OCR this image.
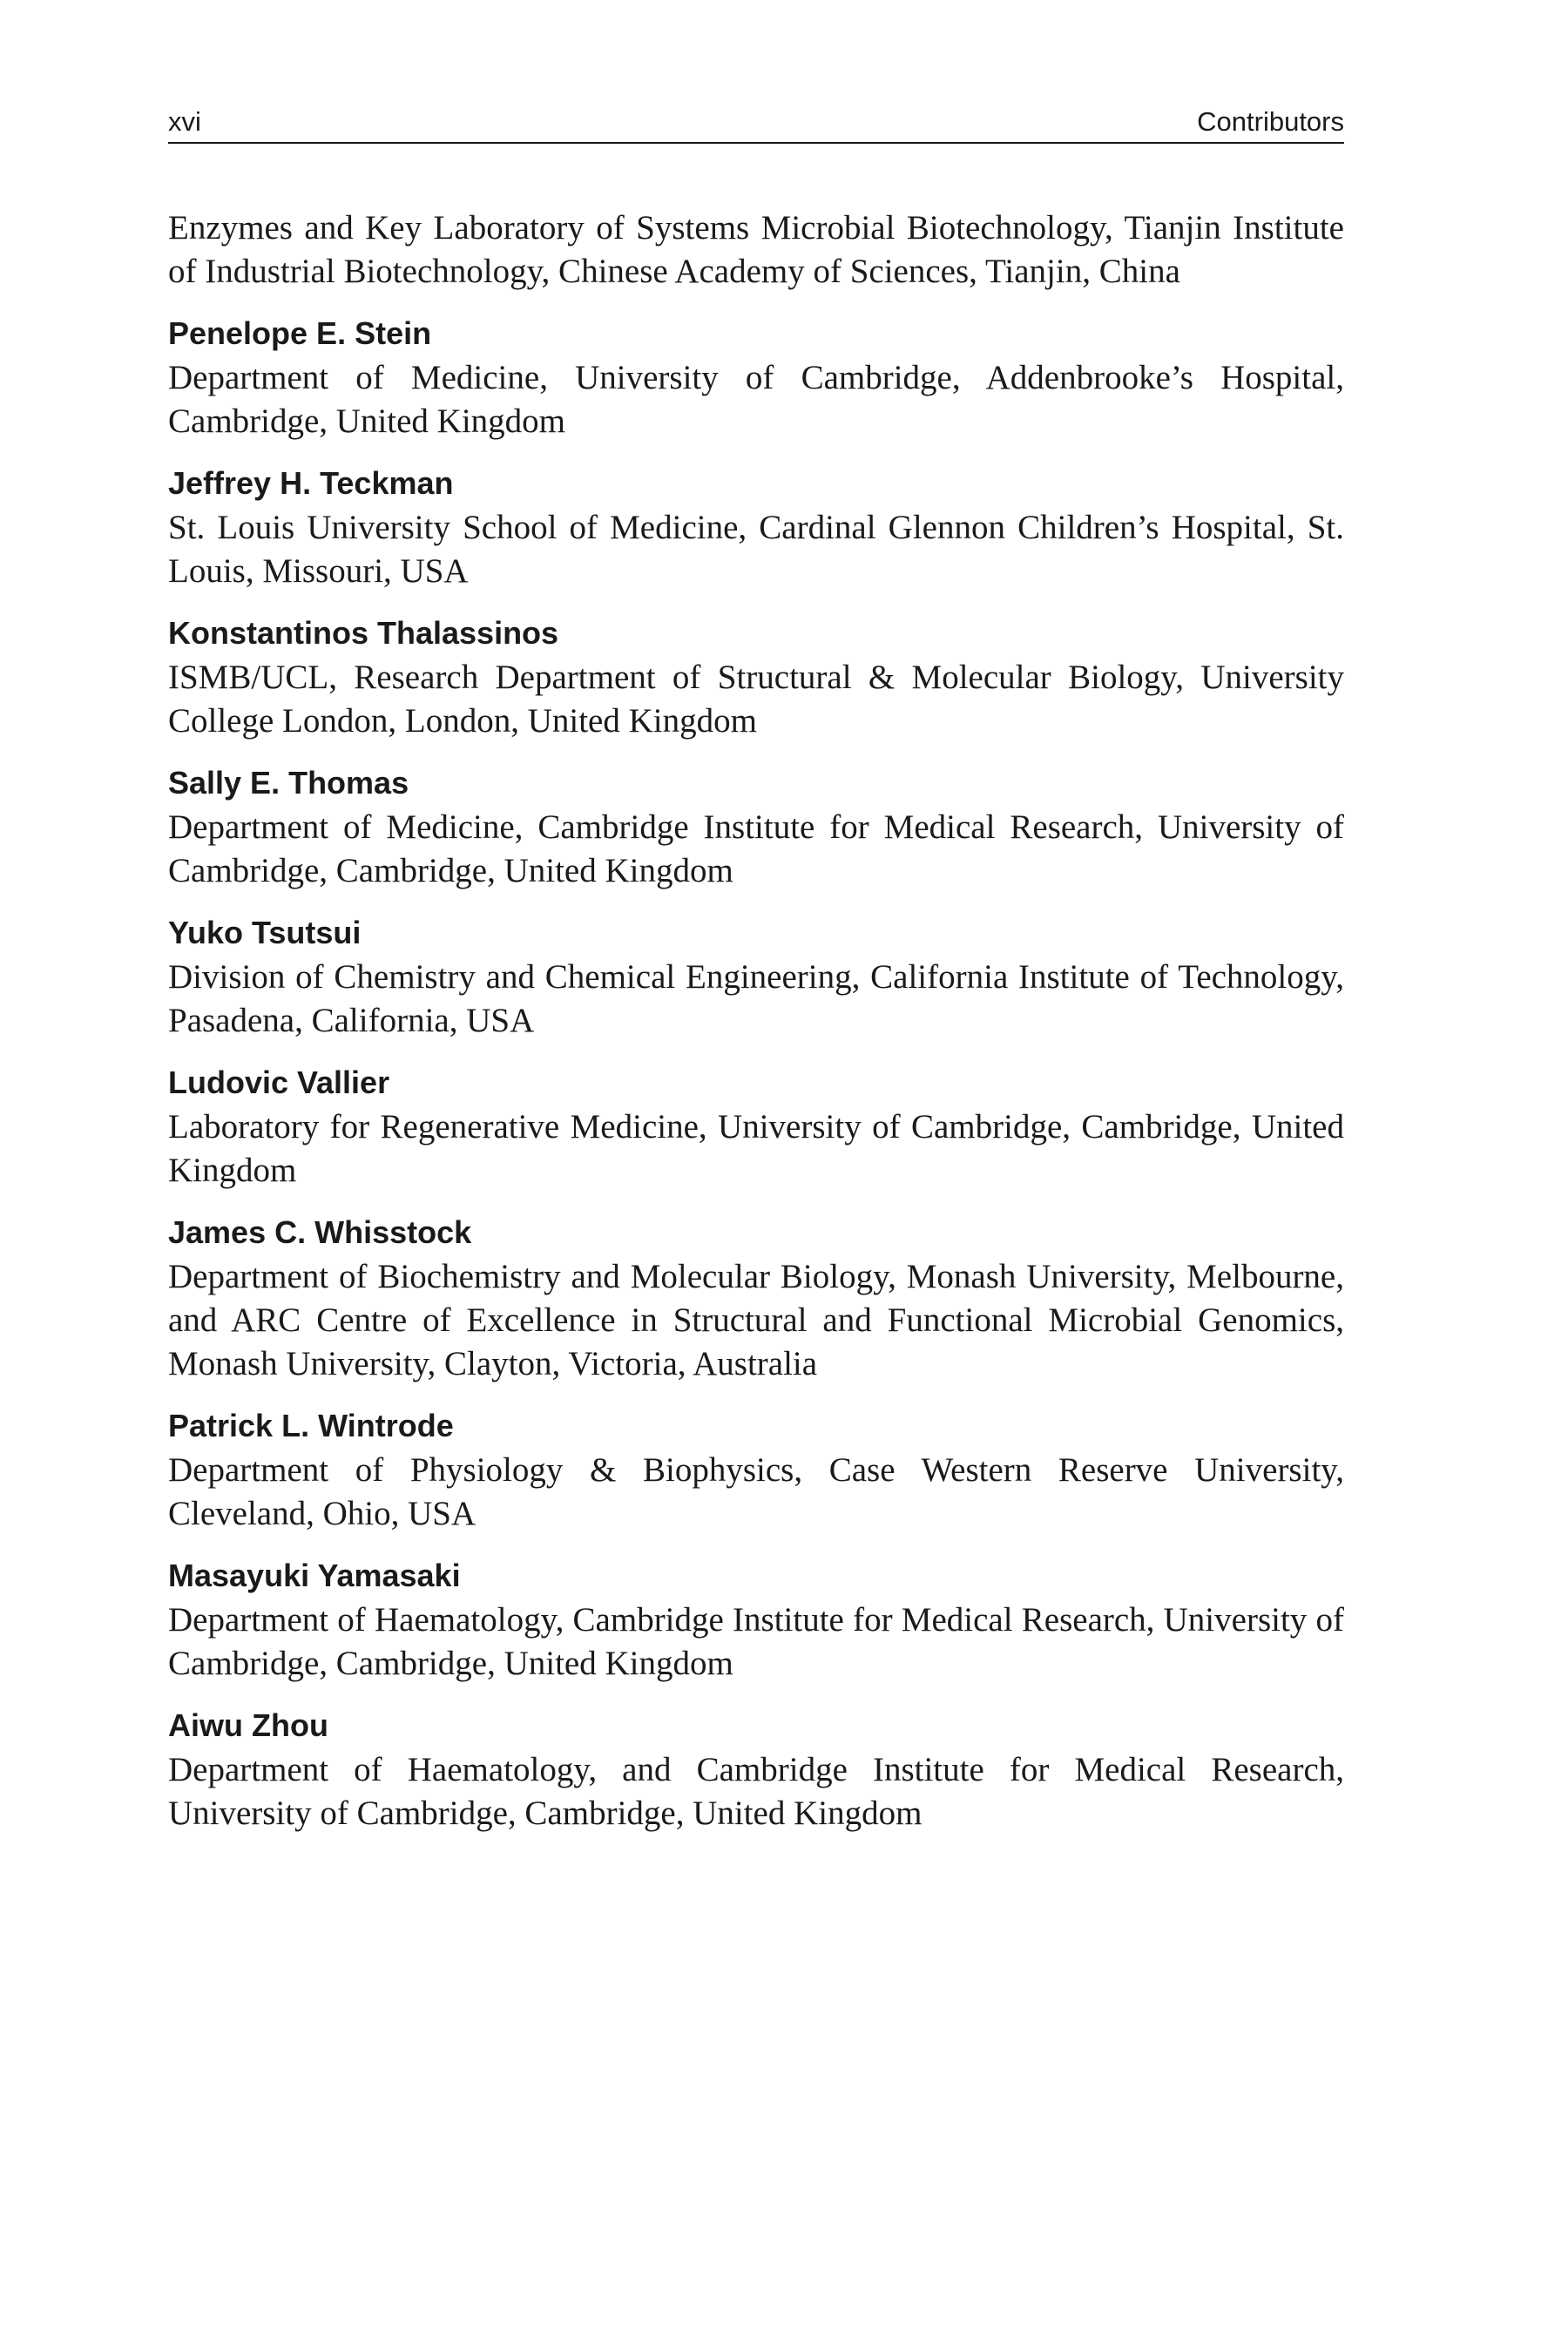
xvi	Contributors

Enzymes and Key Laboratory of Systems Microbial Biotechnology, Tianjin Institute of Industrial Biotechnology, Chinese Academy of Sciences, Tianjin, China

Penelope E. Stein

Department of Medicine, University of Cambridge, Addenbrooke’s Hospital, Cambridge, United Kingdom

Jeffrey H. Teckman

St. Louis University School of Medicine, Cardinal Glennon Children’s Hospital, St. Louis, Missouri, USA

Konstantinos Thalassinos

ISMB/UCL, Research Department of Structural & Molecular Biology, University College London, London, United Kingdom

Sally E. Thomas

Department of Medicine, Cambridge Institute for Medical Research, University of Cambridge, Cambridge, United Kingdom

Yuko Tsutsui

Division of Chemistry and Chemical Engineering, California Institute of Technology, Pasadena, California, USA

Ludovic Vallier

Laboratory for Regenerative Medicine, University of Cambridge, Cambridge, United Kingdom

James C. Whisstock

Department of Biochemistry and Molecular Biology, Monash University, Melbourne, and ARC Centre of Excellence in Structural and Functional Microbial Genomics, Monash University, Clayton, Victoria, Australia

Patrick L. Wintrode

Department of Physiology & Biophysics, Case Western Reserve University, Cleveland, Ohio, USA

Masayuki Yamasaki

Department of Haematology, Cambridge Institute for Medical Research, University of Cambridge, Cambridge, United Kingdom

Aiwu Zhou

Department of Haematology, and Cambridge Institute for Medical Research, University of Cambridge, Cambridge, United Kingdom
